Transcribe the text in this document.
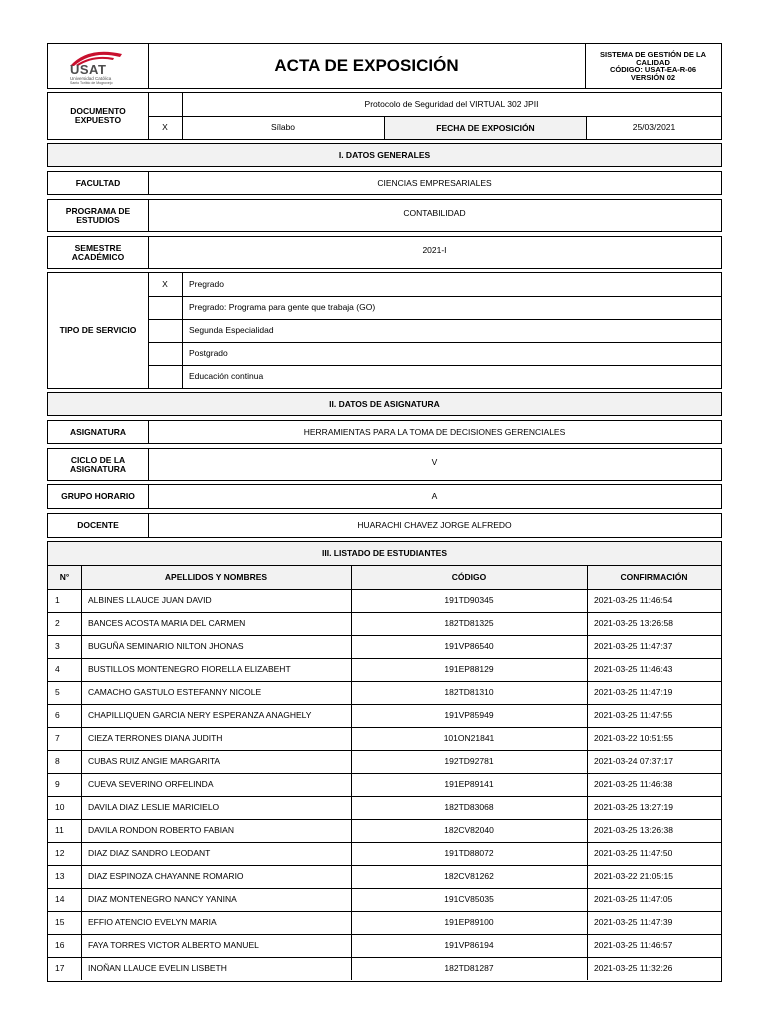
USAT
Universidad Católica
Santo Toribio de Mogrovejo
ACTA DE EXPOSICIÓN
SISTEMA DE GESTIÓN DE LA
CALIDAD
CÓDIGO: USAT-EA-R-06
VERSIÓN 02
DOCUMENTO EXPUESTO
Protocolo de Seguridad del VIRTUAL 302 JPII
X	Sílabo	FECHA DE EXPOSICIÓN	25/03/2021
I. DATOS GENERALES
FACULTAD	CIENCIAS EMPRESARIALES
PROGRAMA DE ESTUDIOS
CONTABILIDAD
SEMESTRE ACADÉMICO
2021-I
TIPO DE SERVICIO
X	Pregrado
Pregrado: Programa para gente que trabaja (GO)
Segunda Especialidad
Postgrado
Educación continua
II. DATOS DE ASIGNATURA
ASIGNATURA	HERRAMIENTAS PARA LA TOMA DE DECISIONES GERENCIALES
CICLO DE LA ASIGNATURA
V
GRUPO HORARIO	A
DOCENTE	HUARACHI CHAVEZ JORGE ALFREDO
III. LISTADO DE ESTUDIANTES
N°	APELLIDOS Y NOMBRES	CÓDIGO	CONFIRMACIÓN
1	ALBINES LLAUCE JUAN DAVID	191TD90345	2021-03-25 11:46:54
2	BANCES ACOSTA MARIA DEL CARMEN	182TD81325	2021-03-25 13:26:58
3	BUGUÑA SEMINARIO NILTON JHONAS	191VP86540	2021-03-25 11:47:37
4	BUSTILLOS MONTENEGRO FIORELLA ELIZABEHT	191EP88129	2021-03-25 11:46:43
5	CAMACHO GASTULO ESTEFANNY NICOLE	182TD81310	2021-03-25 11:47:19
6	CHAPILLIQUEN GARCIA NERY ESPERANZA ANAGHELY	191VP85949	2021-03-25 11:47:55
7	CIEZA TERRONES DIANA JUDITH	101ON21841	2021-03-22 10:51:55
8	CUBAS RUIZ ANGIE MARGARITA	192TD92781	2021-03-24 07:37:17
9	CUEVA SEVERINO ORFELINDA	191EP89141	2021-03-25 11:46:38
10	DAVILA DIAZ LESLIE MARICIELO	182TD83068	2021-03-25 13:27:19
11	DAVILA RONDON ROBERTO FABIAN	182CV82040	2021-03-25 13:26:38
12	DIAZ DIAZ SANDRO LEODANT	191TD88072	2021-03-25 11:47:50
13	DIAZ ESPINOZA CHAYANNE ROMARIO	182CV81262	2021-03-22 21:05:15
14	DIAZ MONTENEGRO NANCY YANINA	191CV85035	2021-03-25 11:47:05
15	EFFIO ATENCIO EVELYN MARIA	191EP89100	2021-03-25 11:47:39
16	FAYA TORRES VICTOR ALBERTO MANUEL	191VP86194	2021-03-25 11:46:57
17	INOÑAN LLAUCE EVELIN LISBETH	182TD81287	2021-03-25 11:32:26
